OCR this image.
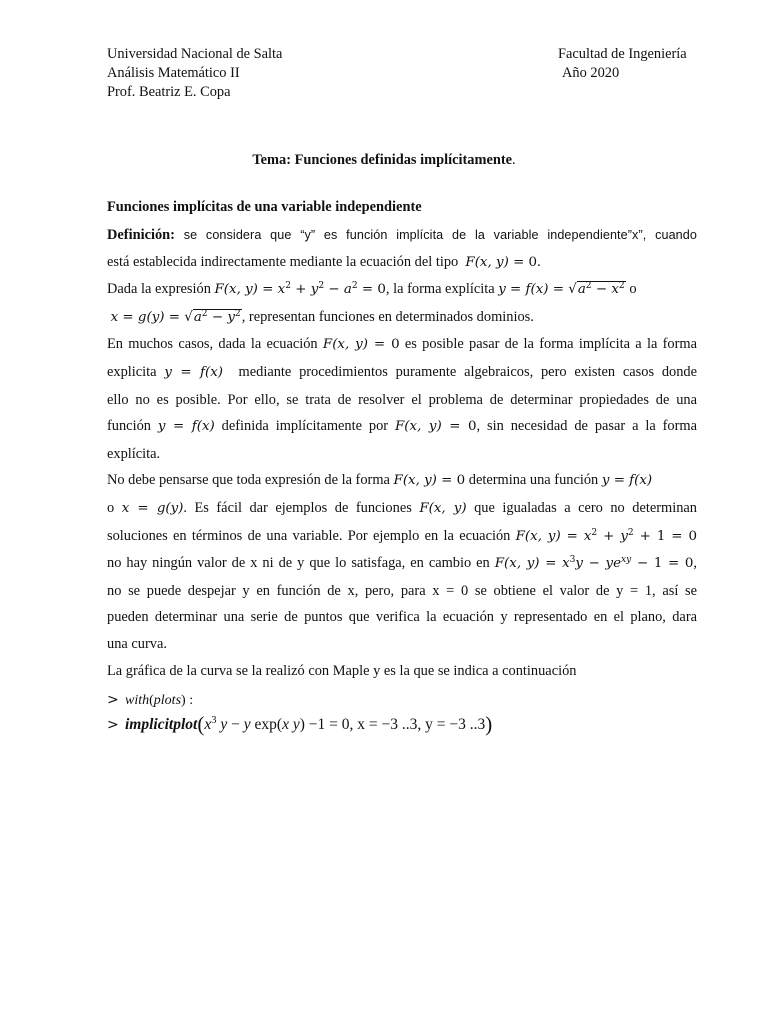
Universidad Nacional de Salta
Análisis Matemático II
Prof. Beatriz E. Copa
Facultad de Ingeniería
Año 2020
Tema: Funciones definidas implícitamente.
Funciones implícitas de una variable independiente

Definición: se considera que “y” es función implícita de la variable independiente”x”, cuando

está establecida indirectamente mediante la ecuación del tipo F(x, y) = 0.

Dada la expresión F(x, $y) = x^2 + y^2 - a^2 = 0$, la forma explícita $y = f(x) = √a^2 - x^2$ o

$x = g(y) = √a^2 - y^2$, representan funciones en determinados dominios.

En muchos casos, dada la ecuación F(x, y) = 0 es posible pasar de la forma implícita a la forma

explicita y = f(x) mediante procedimientos puramente algebraicos, pero existen casos donde

ello no es posible. Por ello, se trata de resolver el problema de determinar propiedades de una

función y = f(x) definida implícitamente por F(x, y) = 0, sin necesidad de pasar a la forma

explícita.

No debe pensarse que toda expresión de la forma F(x, y) = 0 determina una función y = f(x)

o x = g(y). Es fácil dar ejemplos de funciones F(x, y) que igualadas a cero no determinan

soluciones en términos de una variable. Por ejemplo en la ecuación F(x, $y) = x^2 + y^2 + 1 = 0$

no hay ningún valor de x ni de y que lo satisfaga, en cambio en F(x, $y) = x^3y - ye^{xy} - 1 = 0$,

no se puede despejar y en función de x, pero, para x = 0 se obtiene el valor de y = 1, así se

pueden determinar una serie de puntos que verifica la ecuación y representado en el plano, dara

una curva.

La gráfica de la curva se la realizó con Maple y es la que se indica a continuación

> with(plots) :
> $implicitplot(x^3$ y − y exp(x y) −1 = 0, x = −3 ..3, y = −3 ..3)
